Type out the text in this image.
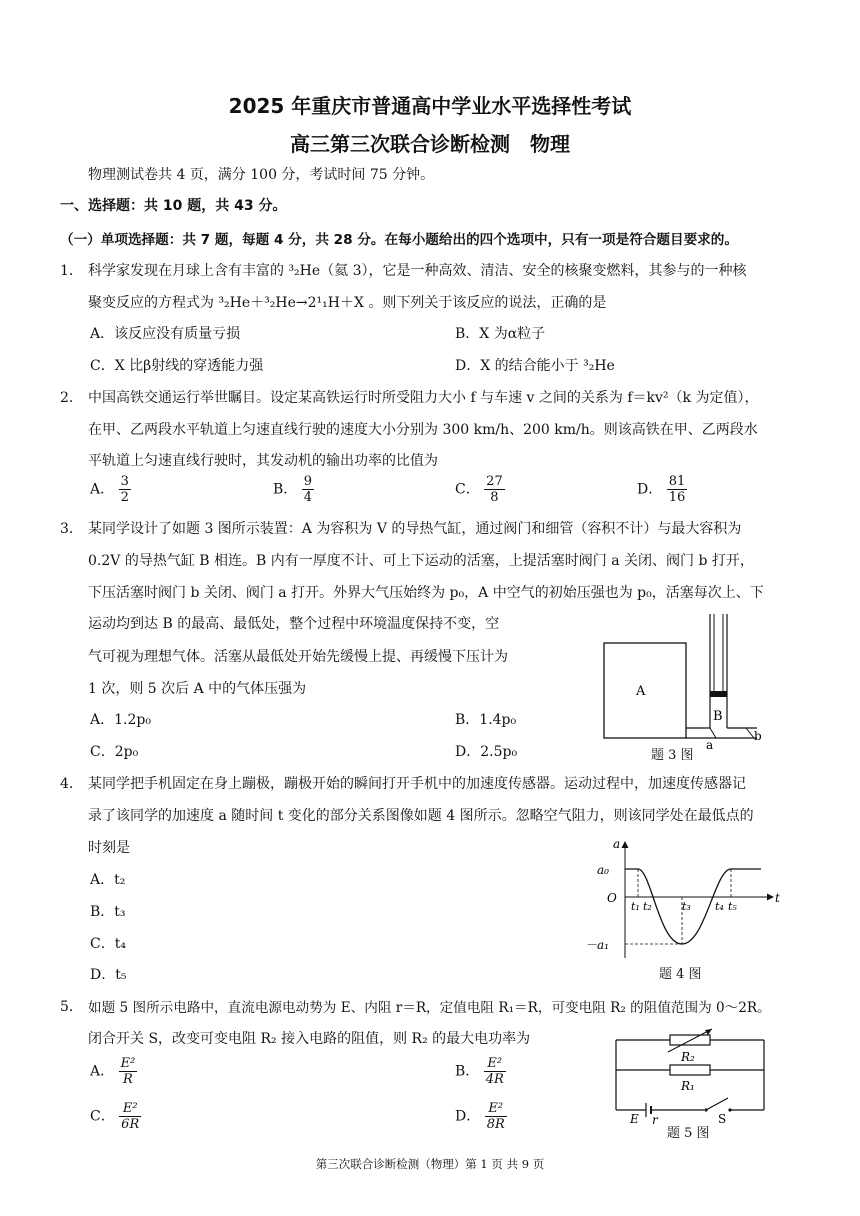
2025 年重庆市普通高中学业水平选择性考试
高三第三次联合诊断检测　物理
物理测试卷共 4 页，满分 100 分，考试时间 75 分钟。
一、选择题：共 10 题，共 43 分。
（一）单项选择题：共 7 题，每题 4 分，共 28 分。在每小题给出的四个选项中，只有一项是符合题目要求的。
1． 科学家发现在月球上含有丰富的 ³₂He（氦 3），它是一种高效、清洁、安全的核聚变燃料，其参与的一种核
聚变反应的方程式为 ³₂He＋³₂He→2¹₁H＋X 。则下列关于该反应的说法，正确的是
A．该反应没有质量亏损	B．X 为α粒子
C．X 比β射线的穿透能力强	D．X 的结合能小于 ³₂He
2． 中国高铁交通运行举世瞩目。设定某高铁运行时所受阻力大小 f 与车速 v 之间的关系为 f＝kv²（k 为定值），
在甲、乙两段水平轨道上匀速直线行驶的速度大小分别为 300 km/h、200 km/h。则该高铁在甲、乙两段水
平轨道上匀速直线行驶时，其发动机的输出功率的比值为
A． $\frac{3}{2}$	B． $\frac{9}{4}$	C． $\frac{27}{8}$	D． $\frac{81}{16}$
3． 某同学设计了如题 3 图所示装置：A 为容积为 V 的导热气缸，通过阀门和细管（容积不计）与最大容积为
0.2V 的导热气缸 B 相连。B 内有一厚度不计、可上下运动的活塞，上提活塞时阀门 a 关闭、阀门 b 打开，
下压活塞时阀门 b 关闭、阀门 a 打开。外界大气压始终为 p₀，A 中空气的初始压强也为 p₀，活塞每次上、下
运动均到达 B 的最高、最低处，整个过程中环境温度保持不变，空
气可视为理想气体。活塞从最低处开始先缓慢上提、再缓慢下压计为
1 次，则 5 次后 A 中的气体压强为
A．1.2p₀	B．1.4p₀
C．2p₀	D．2.5p₀
A
B
a
b
题 3 图
4． 某同学把手机固定在身上蹦极，蹦极开始的瞬间打开手机中的加速度传感器。运动过程中，加速度传感器记
录了该同学的加速度 a 随时间 t 变化的部分关系图像如题 4 图所示。忽略空气阻力，则该同学处在最低点的
时刻是
A．t₂
B．t₃
C．t₄
D．t₅
a
t
a₀
O
－a₁
t₁ t₂	t₃ t₄ t₅
题 4 图
5． 如题 5 图所示电路中，直流电源电动势为 E、内阻 r＝R，定值电阻 R₁＝R，可变电阻 R₂ 的阻值范围为 0～2R。
闭合开关 S，改变可变电阻 R₂ 接入电路的阻值，则 R₂ 的最大电功率为
A． $\frac{\text{E²}}{R}$	B． $\frac{\text{E²}}{4R}$
C． $\frac{\text{E²}}{6R}$	D． $\frac{\text{E²}}{8R}$
R₂
R₁
E r	S
题 5 图
第三次联合诊断检测（物理）第 1 页 共 9 页
